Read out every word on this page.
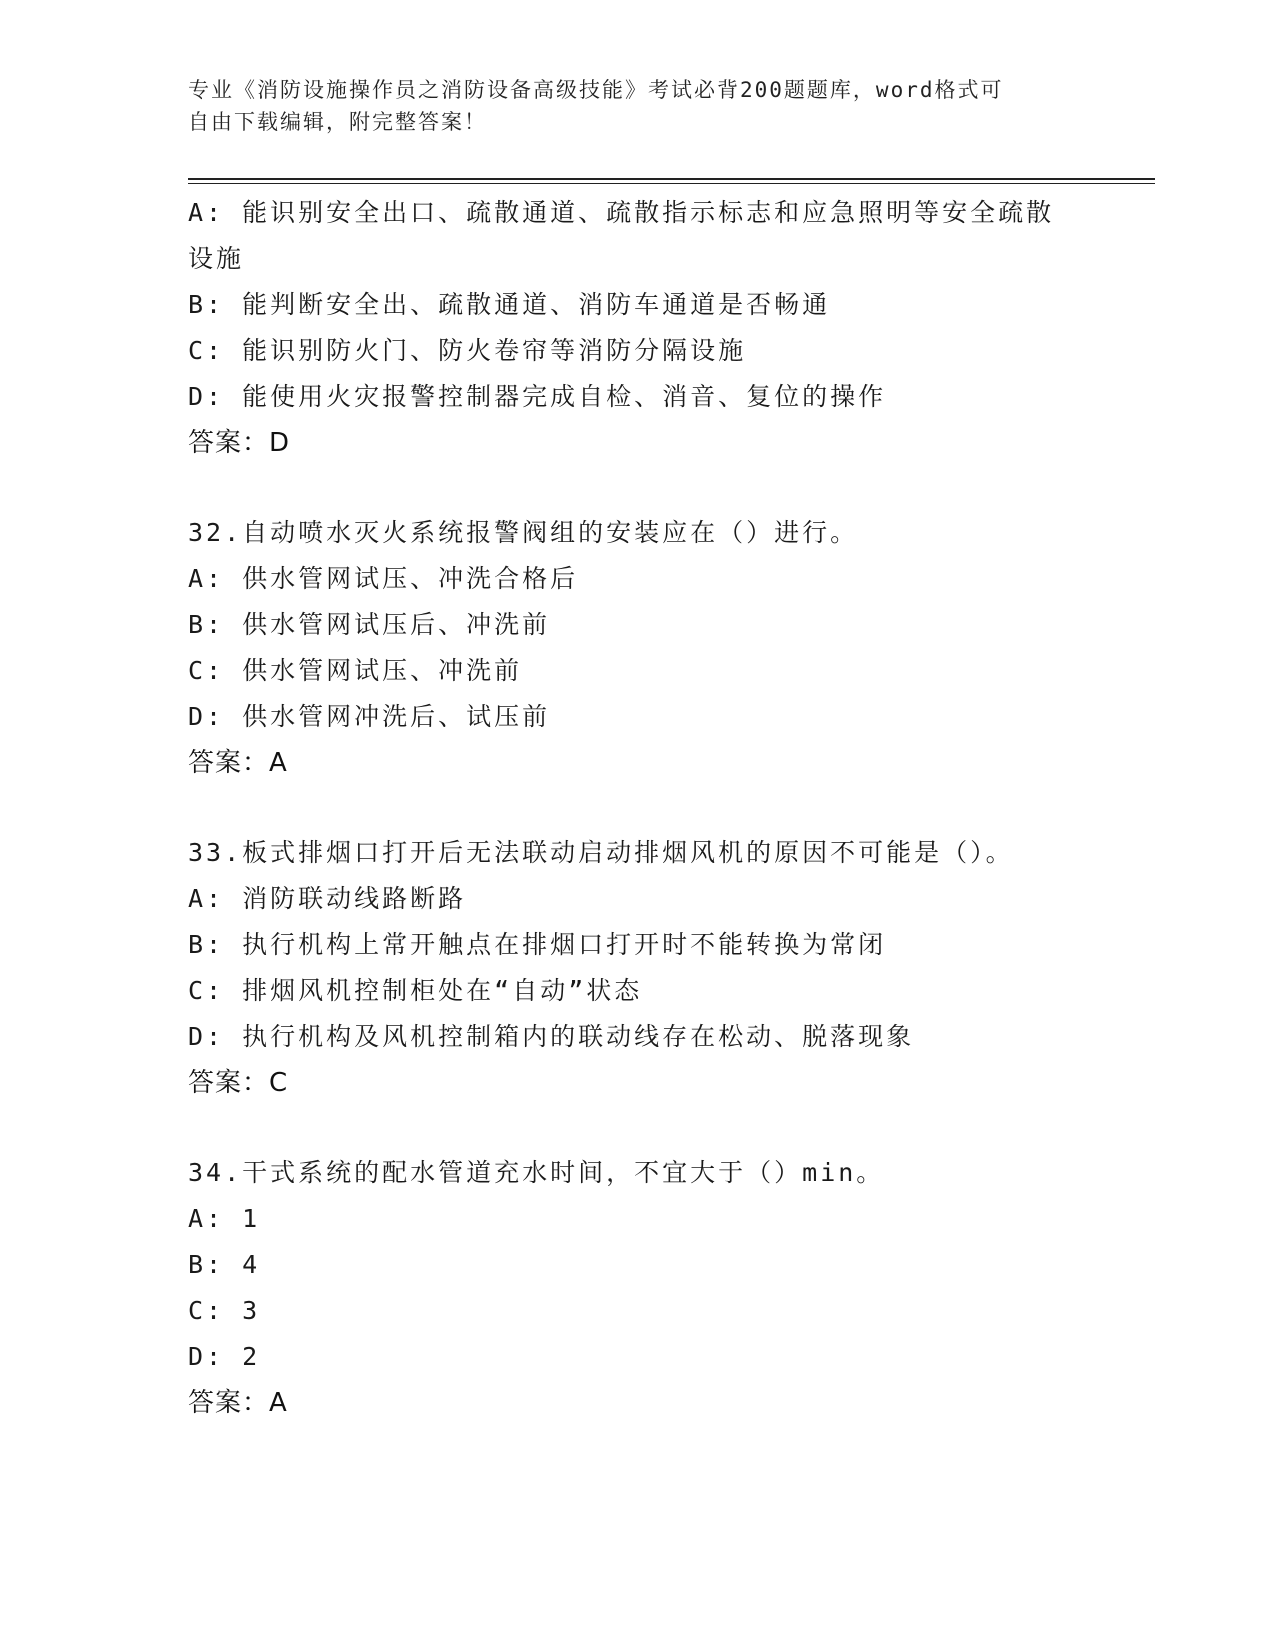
专业《消防设施操作员之消防设备高级技能》考试必背200题题库，word格式可
自由下载编辑，附完整答案！
A: 能识别安全出口、疏散通道、疏散指示标志和应急照明等安全疏散
设施
B: 能判断安全出、疏散通道、消防车通道是否畅通
C: 能识别防火门、防火卷帘等消防分隔设施
D: 能使用火灾报警控制器完成自检、消音、复位的操作
答案：D
32.自动喷水灭火系统报警阀组的安装应在（）进行。
A: 供水管网试压、冲洗合格后
B: 供水管网试压后、冲洗前
C: 供水管网试压、冲洗前
D: 供水管网冲洗后、试压前
答案：A
33.板式排烟口打开后无法联动启动排烟风机的原因不可能是（）。
A: 消防联动线路断路
B: 执行机构上常开触点在排烟口打开时不能转换为常闭
C: 排烟风机控制柜处在“自动”状态
D: 执行机构及风机控制箱内的联动线存在松动、脱落现象
答案：C
34.干式系统的配水管道充水时间，不宜大于（）min。
A: 1
B: 4
C: 3
D: 2
答案：A
